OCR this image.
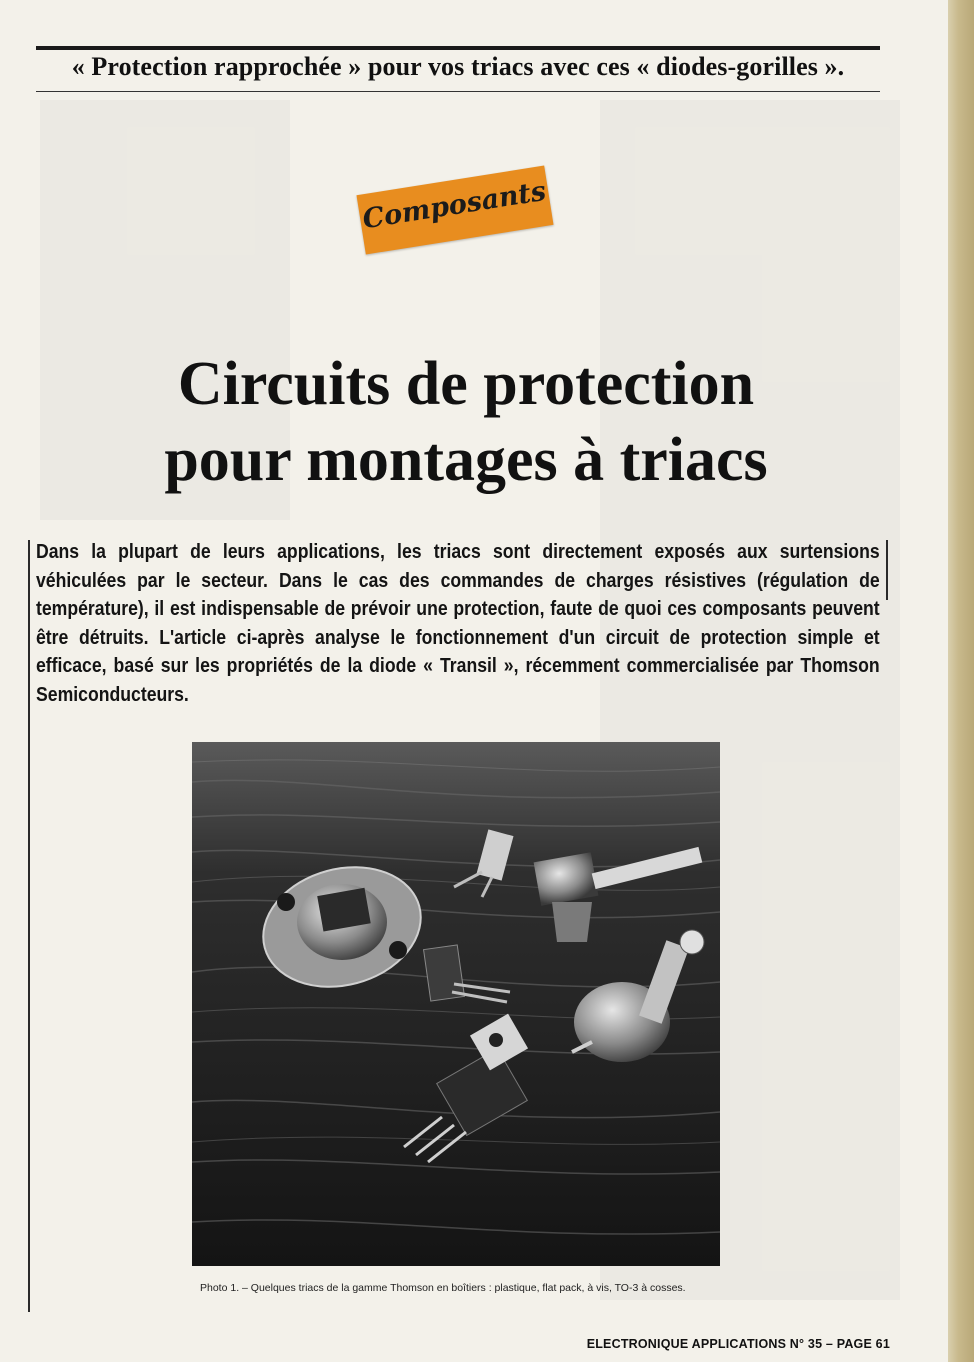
« Protection rapprochée » pour vos triacs avec ces « diodes-gorilles ».
Composants
Circuits de protection
pour montages à triacs
Dans la plupart de leurs applications, les triacs sont directement exposés aux surtensions véhiculées par le secteur. Dans le cas des commandes de charges résistives (régulation de température), il est indispensable de prévoir une protection, faute de quoi ces composants peuvent être détruits. L'article ci-après analyse le fonctionnement d'un circuit de protection simple et efficace, basé sur les propriétés de la diode « Transil », récemment commercialisée par Thomson Semiconducteurs.
Photo 1. – Quelques triacs de la gamme Thomson en boîtiers : plastique, flat pack, à vis, TO-3 à cosses.
ELECTRONIQUE APPLICATIONS N° 35 – PAGE 61
